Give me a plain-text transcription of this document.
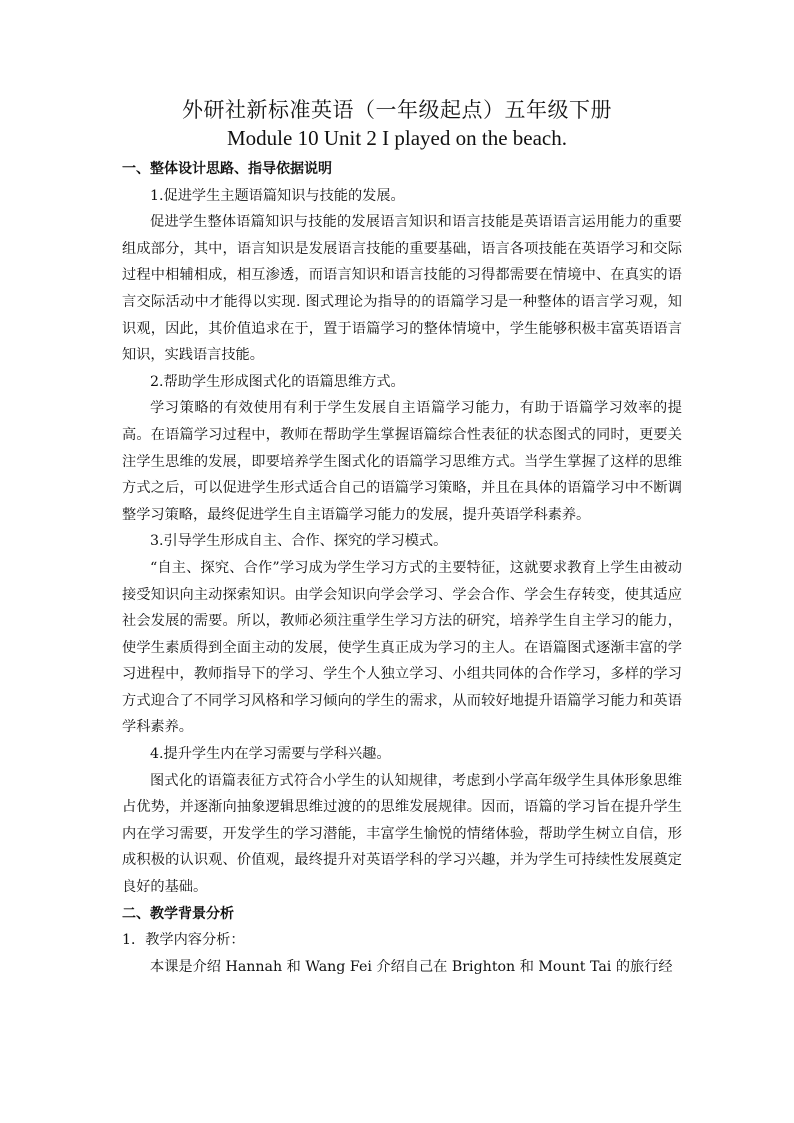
外研社新标准英语（一年级起点）五年级下册
Module 10 Unit 2 I played on the beach.

一、整体设计思路、指导依据说明

1.促进学生主题语篇知识与技能的发展。

促进学生整体语篇知识与技能的发展语言知识和语言技能是英语语言运用能力的重要组成部分，其中，语言知识是发展语言技能的重要基础，语言各项技能在英语学习和交际过程中相辅相成，相互渗透，而语言知识和语言技能的习得都需要在情境中、在真实的语言交际活动中才能得以实现. 图式理论为指导的的语篇学习是一种整体的语言学习观，知识观，因此，其价值追求在于，置于语篇学习的整体情境中，学生能够积极丰富英语语言知识，实践语言技能。

2.帮助学生形成图式化的语篇思维方式。

学习策略的有效使用有利于学生发展自主语篇学习能力，有助于语篇学习效率的提高。在语篇学习过程中，教师在帮助学生掌握语篇综合性表征的状态图式的同时，更要关注学生思维的发展，即要培养学生图式化的语篇学习思维方式。当学生掌握了这样的思维方式之后，可以促进学生形式适合自己的语篇学习策略，并且在具体的语篇学习中不断调整学习策略，最终促进学生自主语篇学习能力的发展，提升英语学科素养。

3.引导学生形成自主、合作、探究的学习模式。

“自主、探究、合作”学习成为学生学习方式的主要特征，这就要求教育上学生由被动接受知识向主动探索知识。由学会知识向学会学习、学会合作、学会生存转变，使其适应社会发展的需要。所以，教师必须注重学生学习方法的研究，培养学生自主学习的能力，使学生素质得到全面主动的发展，使学生真正成为学习的主人。在语篇图式逐渐丰富的学习进程中，教师指导下的学习、学生个人独立学习、小组共同体的合作学习，多样的学习方式迎合了不同学习风格和学习倾向的学生的需求，从而较好地提升语篇学习能力和英语学科素养。

4.提升学生内在学习需要与学科兴趣。

图式化的语篇表征方式符合小学生的认知规律，考虑到小学高年级学生具体形象思维占优势，并逐渐向抽象逻辑思维过渡的的思维发展规律。因而，语篇的学习旨在提升学生内在学习需要，开发学生的学习潜能，丰富学生愉悦的情绪体验，帮助学生树立自信，形成积极的认识观、价值观，最终提升对英语学科的学习兴趣，并为学生可持续性发展奠定良好的基础。

二、教学背景分析

1．教学内容分析：

本课是介绍 Hannah 和 Wang Fei 介绍自己在 Brighton 和 Mount Tai 的旅行经
